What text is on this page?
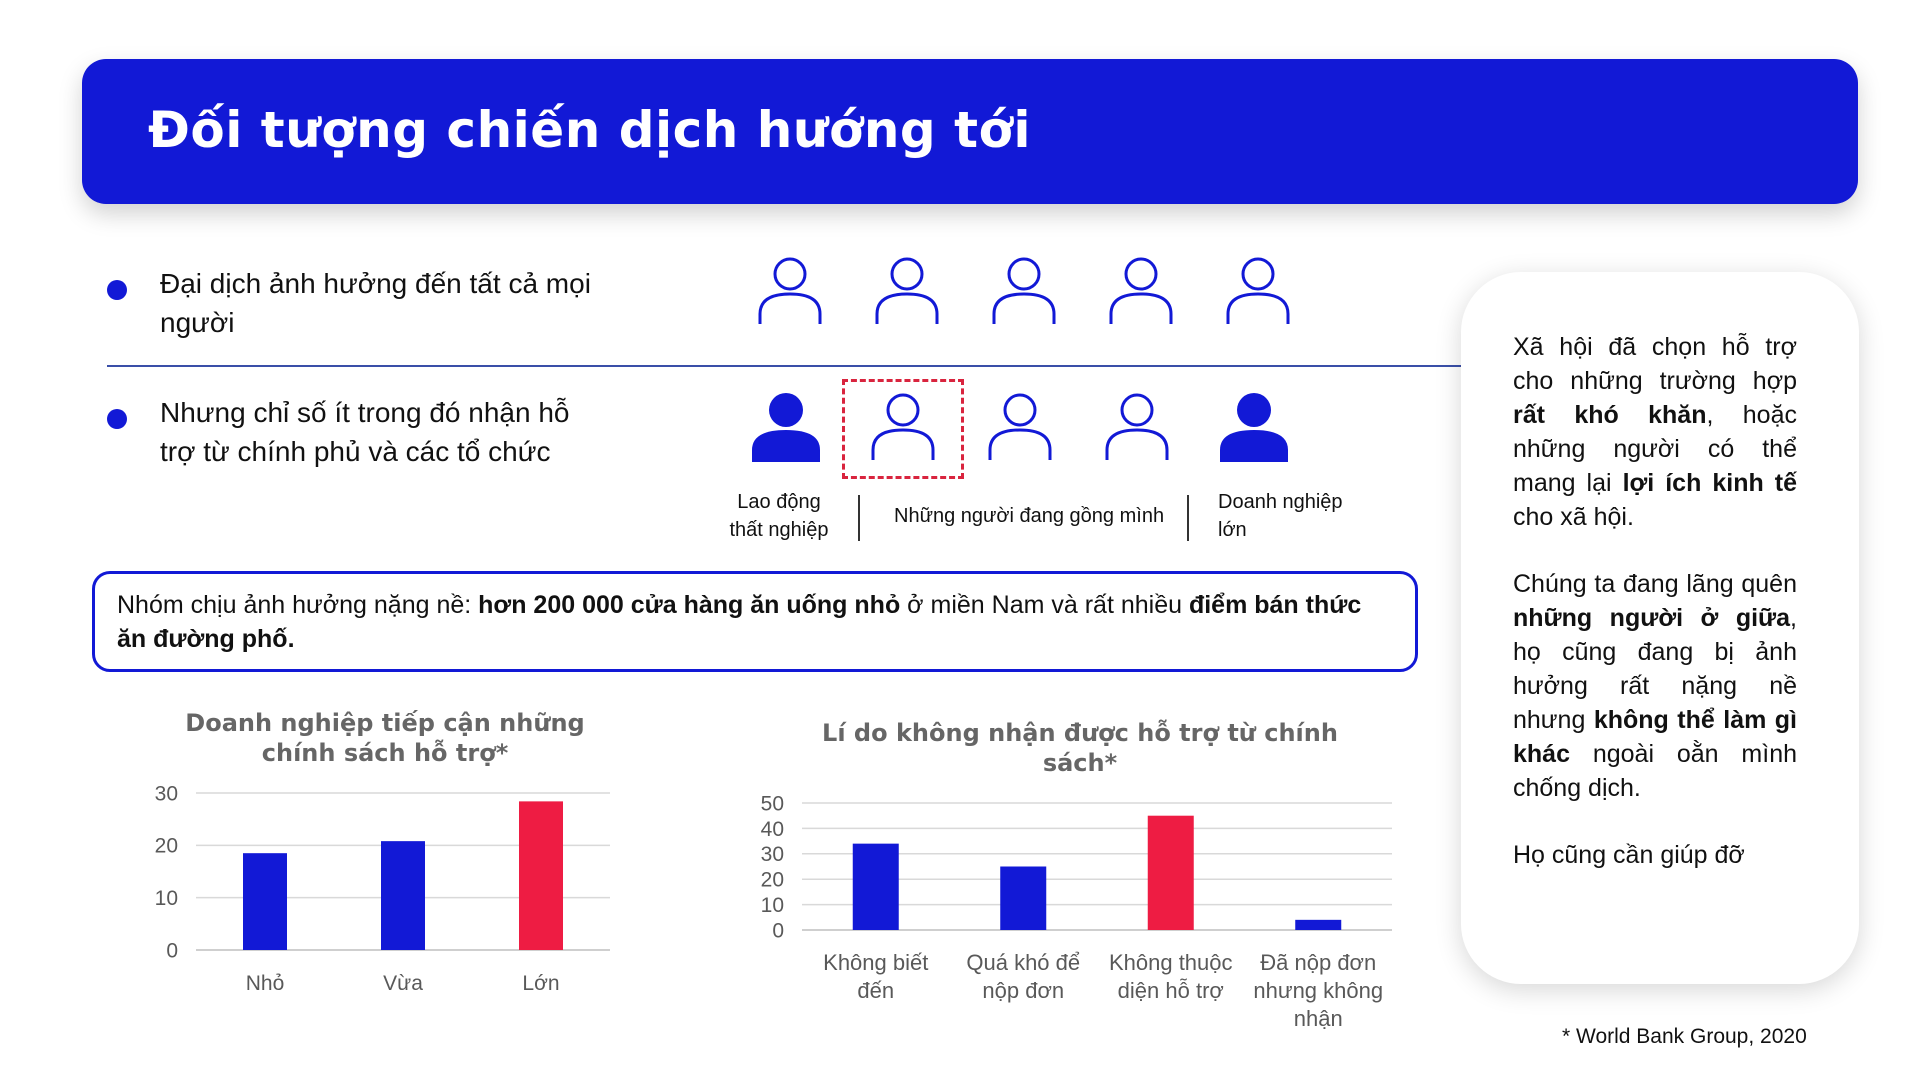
Đối tượng chiến dịch hướng tới
Đại dịch ảnh hưởng đến tất cả mọi
người
Nhưng chỉ số ít trong đó nhận hỗ
trợ từ chính phủ và các tổ chức
Lao động
thất nghiệp
Những người đang gồng mình
Doanh nghiệp
lớn

Nhóm chịu ảnh hưởng nặng nề: hơn 200 000 cửa hàng ăn uống nhỏ ở miền Nam và rất nhiều điểm bán thức ăn đường phố.

Doanh nghiệp tiếp cận những
chính sách hỗ trợ*
0
10
20
30
Nhỏ	Vừa	Lớn
Lí do không nhận được hỗ trợ từ chính
sách*
0
10
20
30
40
50
Không biết đến
Quá khó để nộp đơn
Không thuộc diện hỗ trợ
Đã nộp đơn nhưng không nhận
Xã hội đã chọn hỗ trợ cho những trường hợp rất khó khăn, hoặc những người có thể mang lại lợi ích kinh tế cho xã hội.
Chúng ta đang lãng quên những người ở giữa, họ cũng đang bị ảnh hưởng rất nặng nề nhưng không thể làm gì khác ngoài oằn mình chống dịch.
Họ cũng cần giúp đỡ
* World Bank Group, 2020
